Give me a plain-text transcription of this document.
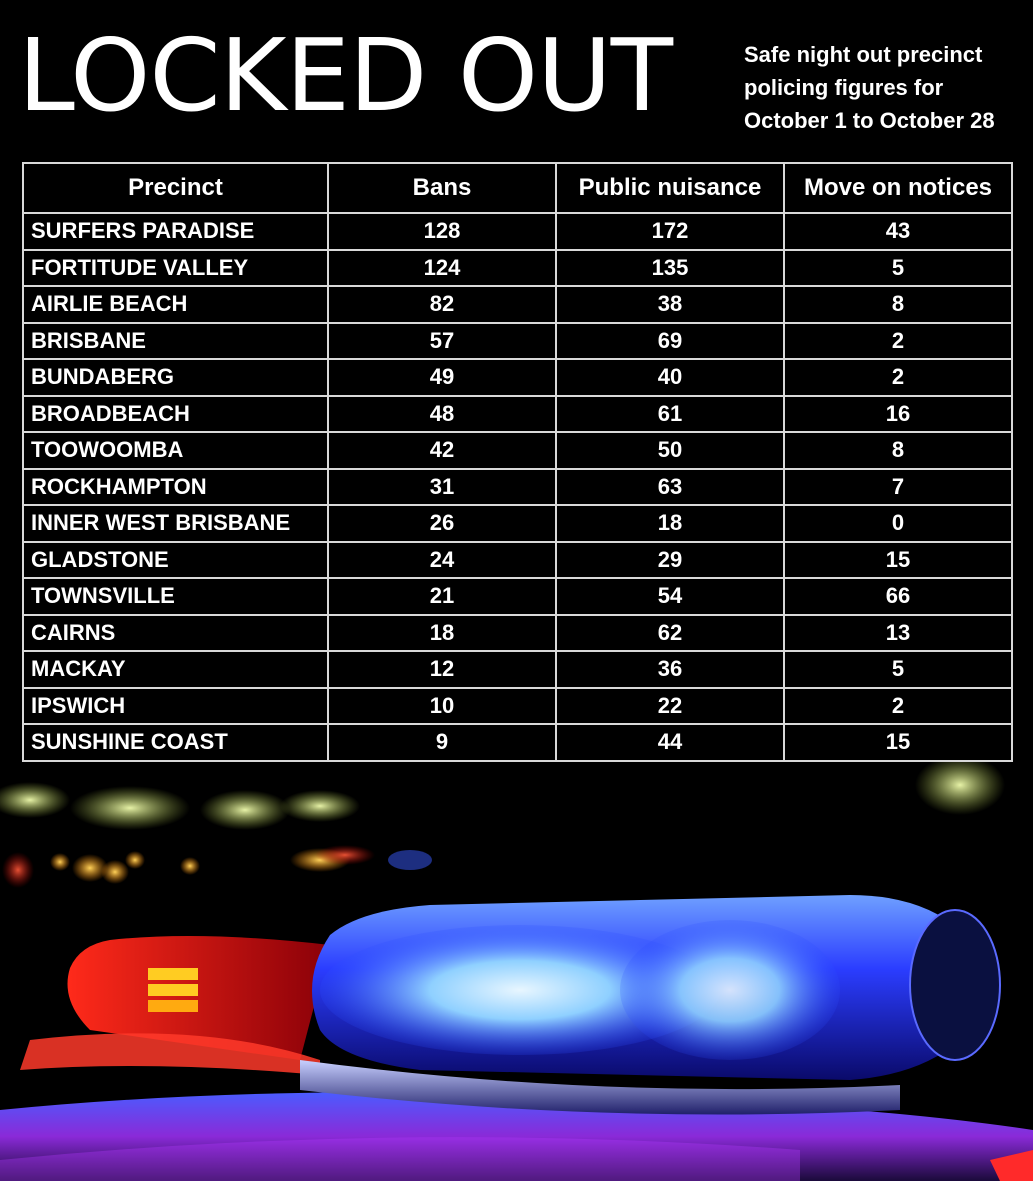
LOCKED OUT	Safe night out precinct
policing figures for
October 1 to October 28

Precinct	Bans	Public nuisance	Move on notices
SURFERS PARADISE	128	172	43
FORTITUDE VALLEY	124	135	5
AIRLIE BEACH	82	38	8
BRISBANE	57	69	2
BUNDABERG	49	40	2
BROADBEACH	48	61	16
TOOWOOMBA	42	50	8
ROCKHAMPTON	31	63	7
INNER WEST BRISBANE	26	18	0
GLADSTONE	24	29	15
TOWNSVILLE	21	54	66
CAIRNS	18	62	13
MACKAY	12	36	5
IPSWICH	10	22	2
SUNSHINE COAST	9	44	15
